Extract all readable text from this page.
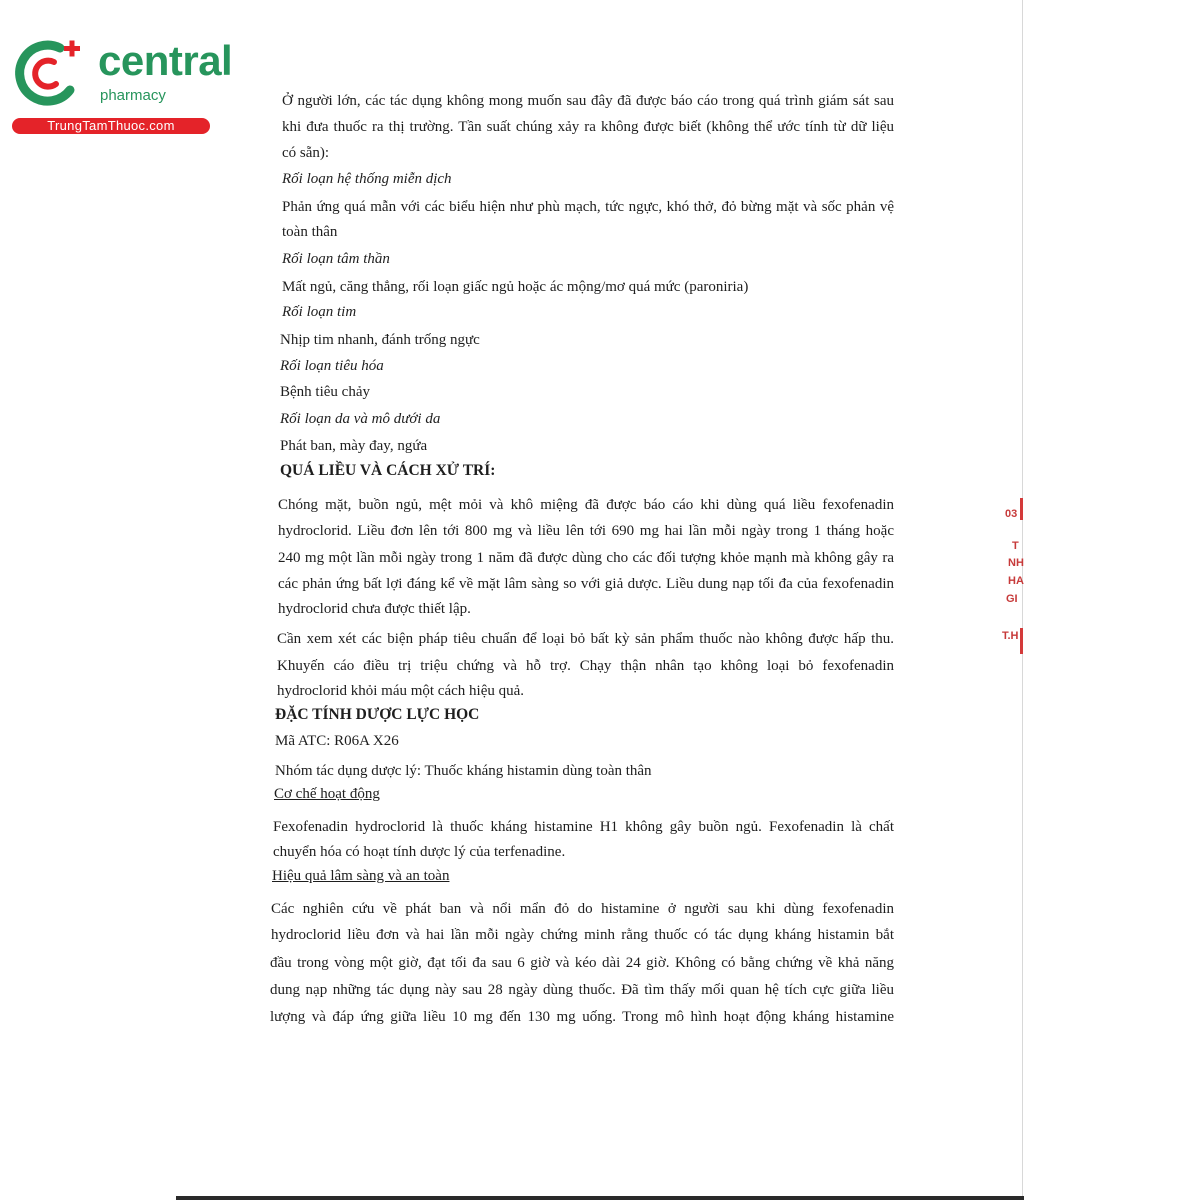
central
pharmacy
TrungTamThuoc.com
Ở người lớn, các tác dụng không mong muốn sau đây đã được báo cáo trong quá trình giám sát sau
khi đưa thuốc ra thị trường. Tần suất chúng xảy ra không được biết (không thể ước tính từ dữ liệu
có sẵn):
Rối loạn hệ thống miễn dịch
Phản ứng quá mẫn với các biểu hiện như phù mạch, tức ngực, khó thở, đỏ bừng mặt và sốc phản vệ
toàn thân
Rối loạn tâm thần
Mất ngủ, căng thẳng, rối loạn giấc ngủ hoặc ác mộng/mơ quá mức (paroniria)
Rối loạn tim
Nhịp tim nhanh, đánh trống ngực
Rối loạn tiêu hóa
Bệnh tiêu chảy
Rối loạn da và mô dưới da
Phát ban, mày đay, ngứa
QUÁ LIỀU VÀ CÁCH XỬ TRÍ:
Chóng mặt, buồn ngủ, mệt mỏi và khô miệng đã được báo cáo khi dùng quá liều fexofenadin
hydroclorid. Liều đơn lên tới 800 mg và liều lên tới 690 mg hai lần mỗi ngày trong 1 tháng hoặc
240 mg một lần mỗi ngày trong 1 năm đã được dùng cho các đối tượng khỏe mạnh mà không gây ra
các phản ứng bất lợi đáng kể về mặt lâm sàng so với giả dược. Liều dung nạp tối đa của fexofenadin
hydroclorid chưa được thiết lập.
Cần xem xét các biện pháp tiêu chuẩn để loại bỏ bất kỳ sản phẩm thuốc nào không được hấp thu.
Khuyến cáo điều trị triệu chứng và hỗ trợ. Chạy thận nhân tạo không loại bỏ fexofenadin
hydroclorid khỏi máu một cách hiệu quả.
ĐẶC TÍNH DƯỢC LỰC HỌC
Mã ATC: R06A X26
Nhóm tác dụng dược lý: Thuốc kháng histamin dùng toàn thân
Cơ chế hoạt động
Fexofenadin hydroclorid là thuốc kháng histamine H1 không gây buồn ngủ. Fexofenadin là chất
chuyển hóa có hoạt tính dược lý của terfenadine.
Hiệu quả lâm sàng và an toàn
Các nghiên cứu về phát ban và nổi mẩn đỏ do histamine ở người sau khi dùng fexofenadin
hydroclorid liều đơn và hai lần mỗi ngày chứng minh rằng thuốc có tác dụng kháng histamin bắt
đầu trong vòng một giờ, đạt tối đa sau 6 giờ và kéo dài 24 giờ. Không có bằng chứng về khả năng
dung nạp những tác dụng này sau 28 ngày dùng thuốc. Đã tìm thấy mối quan hệ tích cực giữa liều
lượng và đáp ứng giữa liều 10 mg đến 130 mg uống. Trong mô hình hoạt động kháng histamine
03
T
NH
HA
GI
T.H
